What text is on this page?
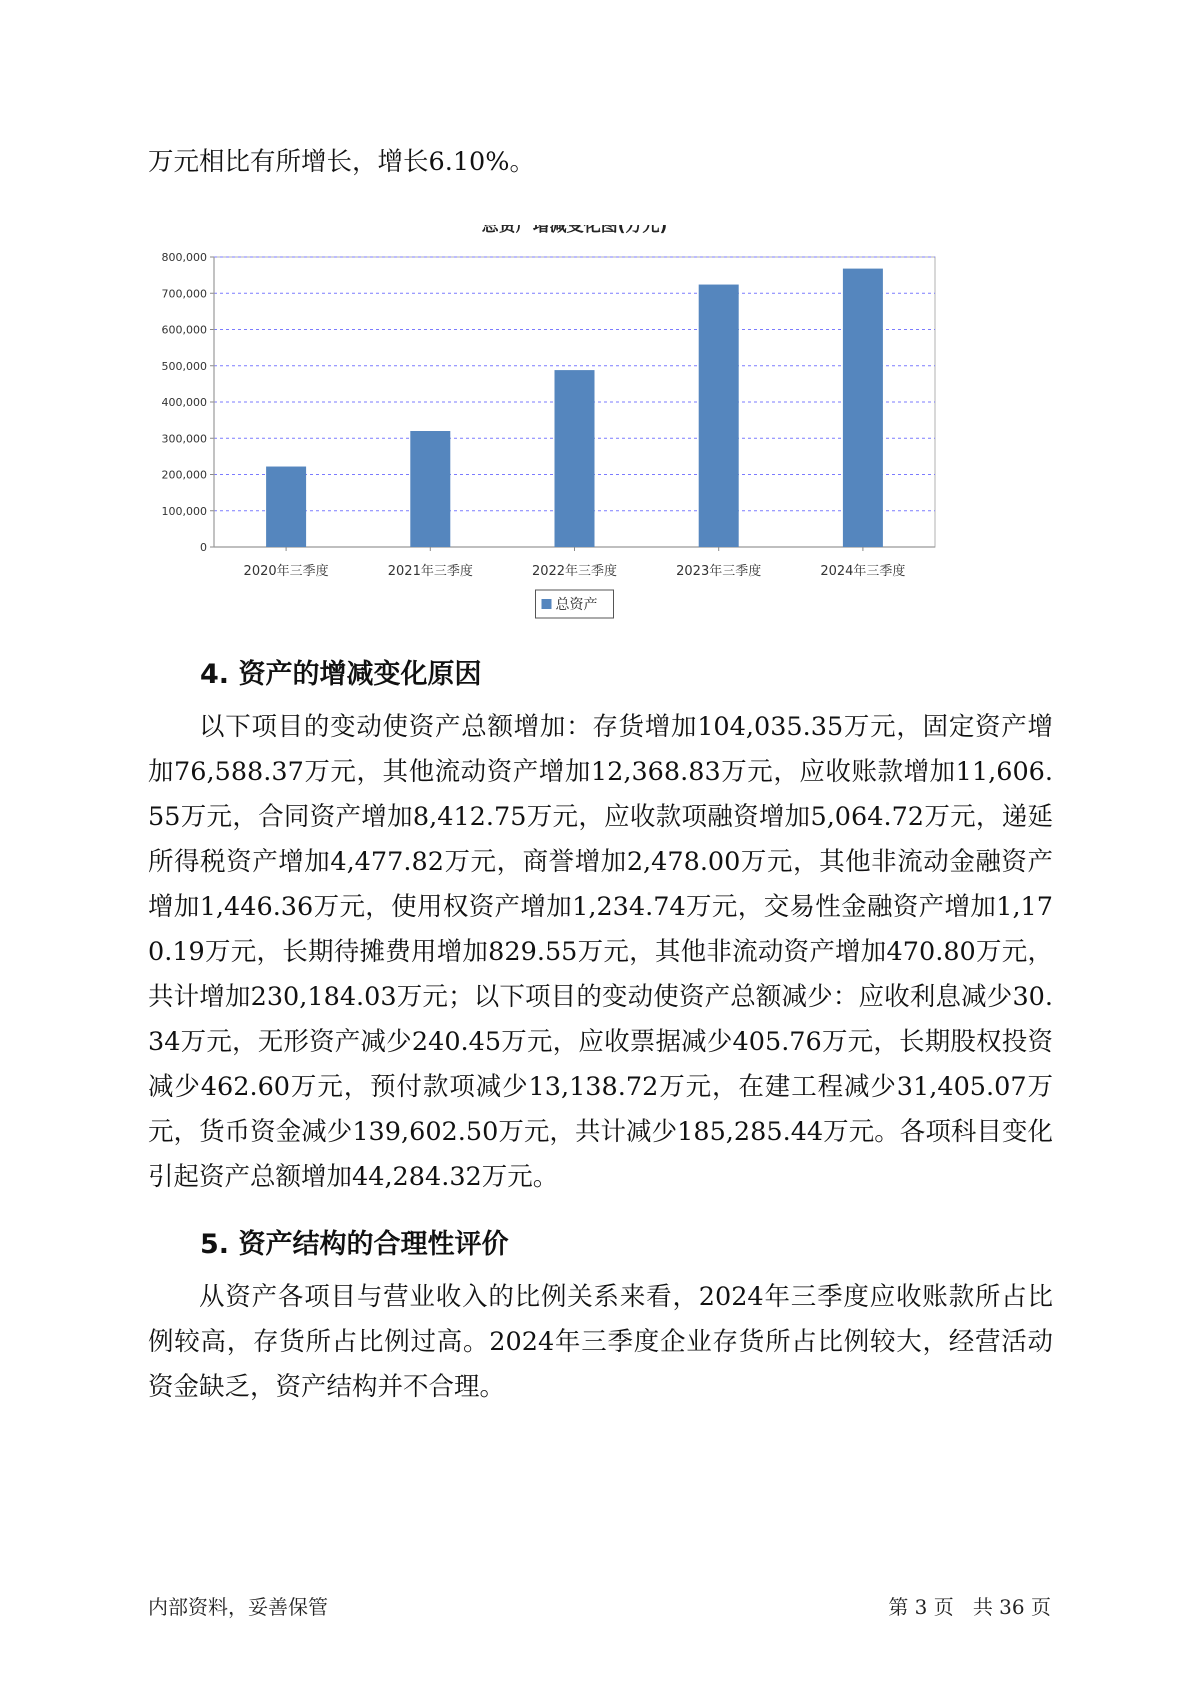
万元相比有所增长，增长6.10%。

总资产增减变化图(万元)
0
100,000
200,000
300,000
400,000
500,000
600,000
700,000
800,000
2020年三季度	2021年三季度	2022年三季度	2023年三季度	2024年三季度
总资产
4. 资产的增减变化原因

以下项目的变动使资产总额增加：存货增加104,035.35万元，固定资产增加76,588.37万元，其他流动资产增加12,368.83万元，应收账款增加11,606.55万元，合同资产增加8,412.75万元，应收款项融资增加5,064.72万元，递延所得税资产增加4,477.82万元，商誉增加2,478.00万元，其他非流动金融资产增加1,446.36万元，使用权资产增加1,234.74万元，交易性金融资产增加1,170.19万元，长期待摊费用增加829.55万元，其他非流动资产增加470.80万元，共计增加230,184.03万元；以下项目的变动使资产总额减少：应收利息减少30.34万元，无形资产减少240.45万元，应收票据减少405.76万元，长期股权投资减少462.60万元，预付款项减少13,138.72万元，在建工程减少31,405.07万元，货币资金减少139,602.50万元，共计减少185,285.44万元。各项科目变化引起资产总额增加44,284.32万元。

5. 资产结构的合理性评价

从资产各项目与营业收入的比例关系来看，2024年三季度应收账款所占比例较高，存货所占比例过高。2024年三季度企业存货所占比例较大，经营活动资金缺乏，资产结构并不合理。

内部资料，妥善保管	第 3 页   共 36 页
